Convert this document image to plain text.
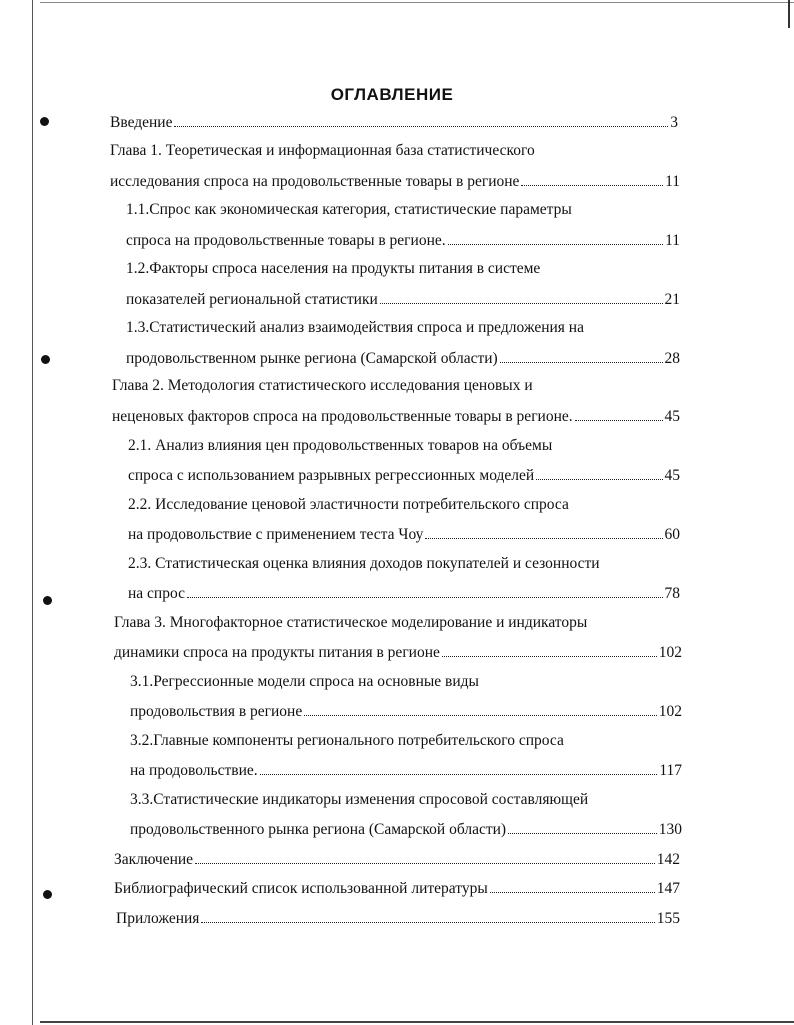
ОГЛАВЛЕНИЕ
Введение	3
Глава 1. Теоретическая и информационная база статистического
исследования спроса на продовольственные товары в регионе	11
1.1.Спрос как экономическая категория, статистические параметры
спроса на продовольственные товары в регионе.	11
1.2.Факторы спроса населения на продукты питания в системе
показателей региональной статистики	21
1.3.Статистический анализ взаимодействия спроса и предложения на
продовольственном рынке региона (Самарской области)	28
Глава 2. Методология статистического исследования ценовых и
неценовых факторов спроса на продовольственные товары в регионе.	45
2.1. Анализ влияния цен продовольственных товаров на объемы
спроса с использованием разрывных регрессионных моделей	45
2.2. Исследование ценовой эластичности потребительского спроса
на продовольствие с применением теста Чоу	60
2.3. Статистическая оценка влияния доходов покупателей и сезонности
на спрос	78
Глава 3. Многофакторное статистическое моделирование и индикаторы
динамики спроса на продукты питания в регионе	102
3.1.Регрессионные модели спроса на основные виды
продовольствия в регионе	102
3.2.Главные компоненты регионального потребительского спроса
на продовольствие.	117
3.3.Статистические индикаторы изменения спросовой составляющей
продовольственного рынка региона (Самарской области)	130
Заключение	142
Библиографический список использованной литературы	147
Приложения	155
